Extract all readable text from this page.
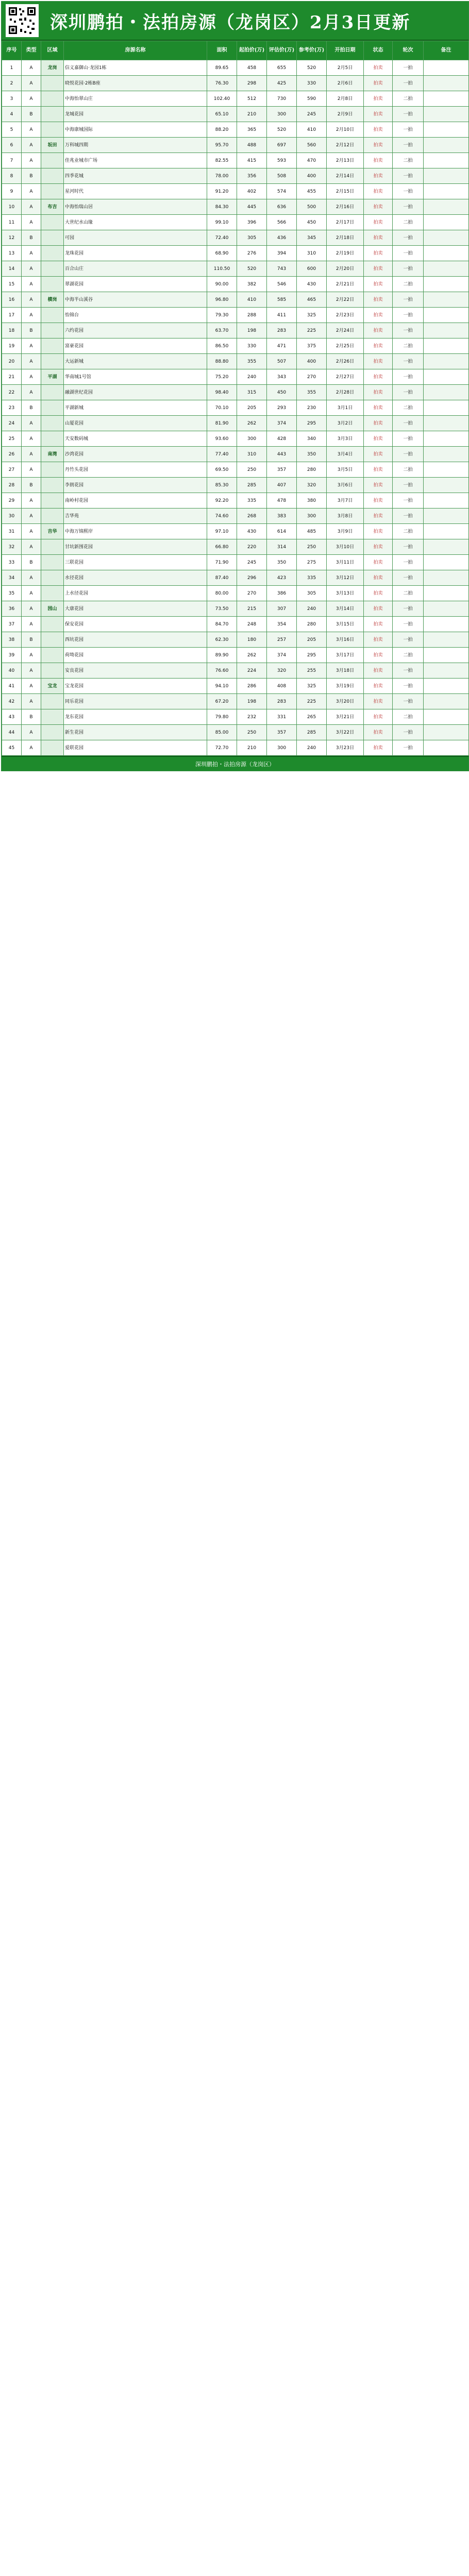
深圳鹏拍・法拍房源（龙岗区）2月3日更新
序号	类型	区域	房源名称	面积	起拍价(万)	评估价(万)	参考价(万)	开拍日期	状态	轮次	备注
1	A	龙岗	信义嘉御山·龙园1栋	89.65	458	655	520	2月5日	拍卖	一拍	
2	A		晓悦花园·2栋B座	76.30	298	425	330	2月6日	拍卖	一拍	
3	A		中海怡翠山庄	102.40	512	730	590	2月8日	拍卖	二拍	
4	B		龙城花园	65.10	210	300	245	2月9日	拍卖	一拍	
5	A		中海康城国际	88.20	365	520	410	2月10日	拍卖	一拍	
6	A	坂田	万科城四期	95.70	488	697	560	2月12日	拍卖	一拍	
7	A		佳兆业城市广场	82.55	415	593	470	2月13日	拍卖	二拍	
8	B		四季花城	78.00	356	508	400	2月14日	拍卖	一拍	
9	A		星河时代	91.20	402	574	455	2月15日	拍卖	一拍	
10	A	布吉	中海怡瑞山居	84.30	445	636	500	2月16日	拍卖	一拍	
11	A		大世纪水山缘	99.10	396	566	450	2月17日	拍卖	二拍	
12	B		可园	72.40	305	436	345	2月18日	拍卖	一拍	
13	A		龙珠花园	68.90	276	394	310	2月19日	拍卖	一拍	
14	A		百合山庄	110.50	520	743	600	2月20日	拍卖	一拍	
15	A		翠湖花园	90.00	382	546	430	2月21日	拍卖	二拍	
16	A	横岗	中海半山溪谷	96.80	410	585	465	2月22日	拍卖	一拍	
17	A		怡锦台	79.30	288	411	325	2月23日	拍卖	一拍	
18	B		六约花园	63.70	198	283	225	2月24日	拍卖	一拍	
19	A		富豪花园	86.50	330	471	375	2月25日	拍卖	二拍	
20	A		大运新城	88.80	355	507	400	2月26日	拍卖	一拍	
21	A	平湖	华南城1号馆	75.20	240	343	270	2月27日	拍卖	一拍	
22	A		融湖世纪花园	98.40	315	450	355	2月28日	拍卖	一拍	
23	B		平湖新城	70.10	205	293	230	3月1日	拍卖	二拍	
24	A		山厦花园	81.90	262	374	295	3月2日	拍卖	一拍	
25	A		天安数码城	93.60	300	428	340	3月3日	拍卖	一拍	
26	A	南湾	沙湾花园	77.40	310	443	350	3月4日	拍卖	一拍	
27	A		丹竹头花园	69.50	250	357	280	3月5日	拍卖	二拍	
28	B		李朗花园	85.30	285	407	320	3月6日	拍卖	一拍	
29	A		南岭村花园	92.20	335	478	380	3月7日	拍卖	一拍	
30	A		吉华苑	74.60	268	383	300	3月8日	拍卖	一拍	
31	A	吉华	中海万锦熙岸	97.10	430	614	485	3月9日	拍卖	二拍	
32	A		甘坑新围花园	66.80	220	314	250	3月10日	拍卖	一拍	
33	B		三联花园	71.90	245	350	275	3月11日	拍卖	一拍	
34	A		水径花园	87.40	296	423	335	3月12日	拍卖	一拍	
35	A		上水径花园	80.00	270	386	305	3月13日	拍卖	二拍	
36	A	园山	大康花园	73.50	215	307	240	3月14日	拍卖	一拍	
37	A		保安花园	84.70	248	354	280	3月15日	拍卖	一拍	
38	B		西坑花园	62.30	180	257	205	3月16日	拍卖	一拍	
39	A		荷坳花园	89.90	262	374	295	3月17日	拍卖	二拍	
40	A		安良花园	76.60	224	320	255	3月18日	拍卖	一拍	
41	A	宝龙	宝龙花园	94.10	286	408	325	3月19日	拍卖	一拍	
42	A		同乐花园	67.20	198	283	225	3月20日	拍卖	一拍	
43	B		龙东花园	79.80	232	331	265	3月21日	拍卖	二拍	
44	A		新生花园	85.00	250	357	285	3月22日	拍卖	一拍	
45	A		爱联花园	72.70	210	300	240	3月23日	拍卖	一拍	
深圳鹏拍・法拍房源（龙岗区）
